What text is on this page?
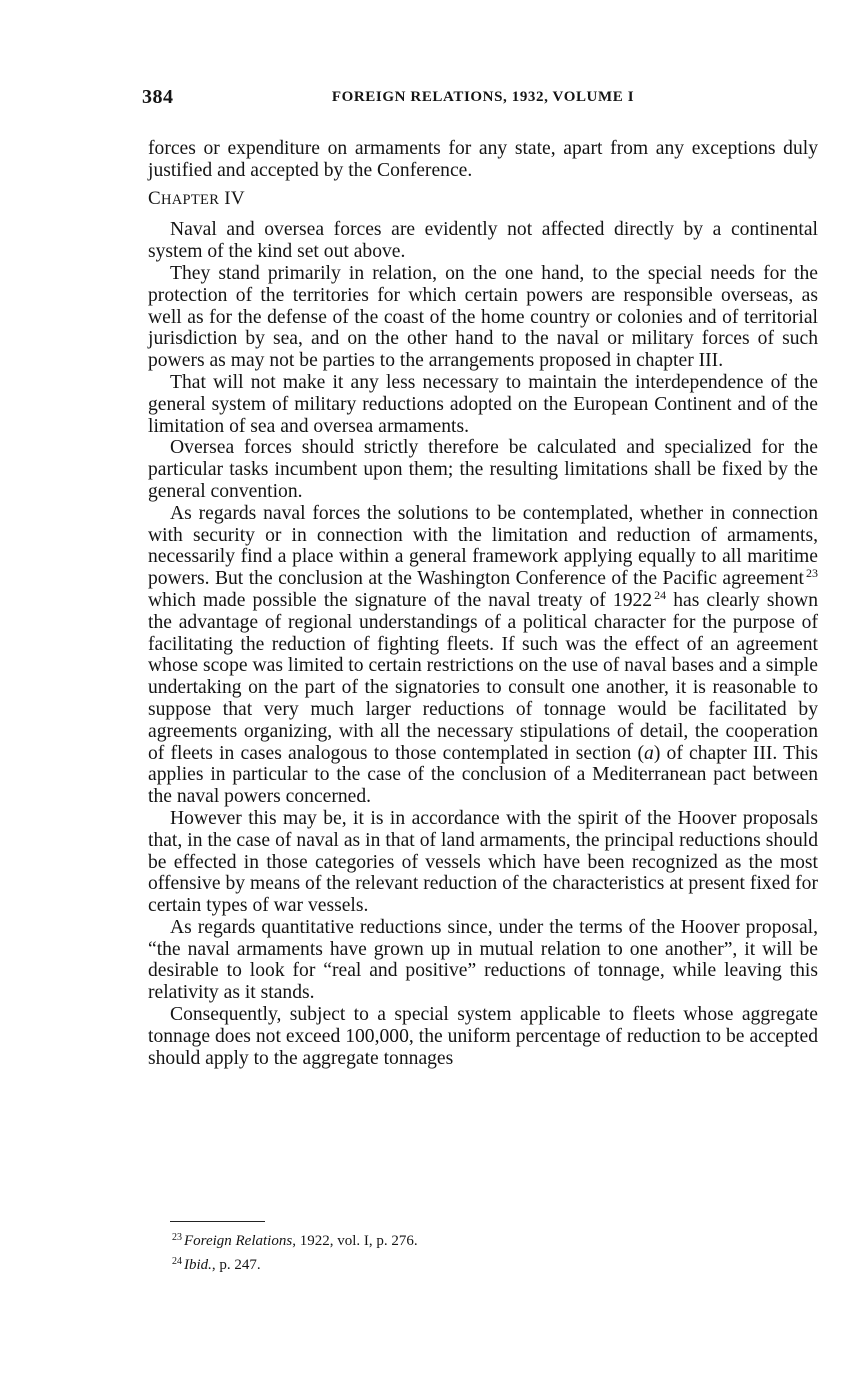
384	FOREIGN RELATIONS, 1932, VOLUME I

forces or expenditure on armaments for any state, apart from any exceptions duly justified and accepted by the Conference.

CHAPTER IV

Naval and oversea forces are evidently not affected directly by a continental system of the kind set out above.

They stand primarily in relation, on the one hand, to the special needs for the protection of the territories for which certain powers are responsible overseas, as well as for the defense of the coast of the home country or colonies and of territorial jurisdiction by sea, and on the other hand to the naval or military forces of such powers as may not be parties to the arrangements proposed in chapter III.

That will not make it any less necessary to maintain the interdependence of the general system of military reductions adopted on the European Continent and of the limitation of sea and oversea armaments.

Oversea forces should strictly therefore be calculated and specialized for the particular tasks incumbent upon them; the resulting limitations shall be fixed by the general convention.

As regards naval forces the solutions to be contemplated, whether in connection with security or in connection with the limitation and reduction of armaments, necessarily find a place within a general framework applying equally to all maritime powers. But the conclusion at the Washington Conference of the Pacific agreement $^{23}$ which made possible the signature of the naval treaty of 1922 $^{24}$ has clearly shown the advantage of regional understandings of a political character for the purpose of facilitating the reduction of fighting fleets. If such was the effect of an agreement whose scope was limited to certain restrictions on the use of naval bases and a simple undertaking on the part of the signatories to consult one another, it is reasonable to suppose that very much larger reductions of tonnage would be facilitated by agreements organizing, with all the necessary stipulations of detail, the cooperation of fleets in cases analogous to those contemplated in section (a) of chapter III. This applies in particular to the case of the conclusion of a Mediterranean pact between the naval powers concerned.

However this may be, it is in accordance with the spirit of the Hoover proposals that, in the case of naval as in that of land armaments, the principal reductions should be effected in those categories of vessels which have been recognized as the most offensive by means of the relevant reduction of the characteristics at present fixed for certain types of war vessels.

As regards quantitative reductions since, under the terms of the Hoover proposal, “the naval armaments have grown up in mutual relation to one another”, it will be desirable to look for “real and positive” reductions of tonnage, while leaving this relativity as it stands.

Consequently, subject to a special system applicable to fleets whose aggregate tonnage does not exceed 100,000, the uniform percentage of reduction to be accepted should apply to the aggregate tonnages

$^{23}$ Foreign Relations, 1922, vol. I, p. 276.
$^{24}$ Ibid., p. 247.
